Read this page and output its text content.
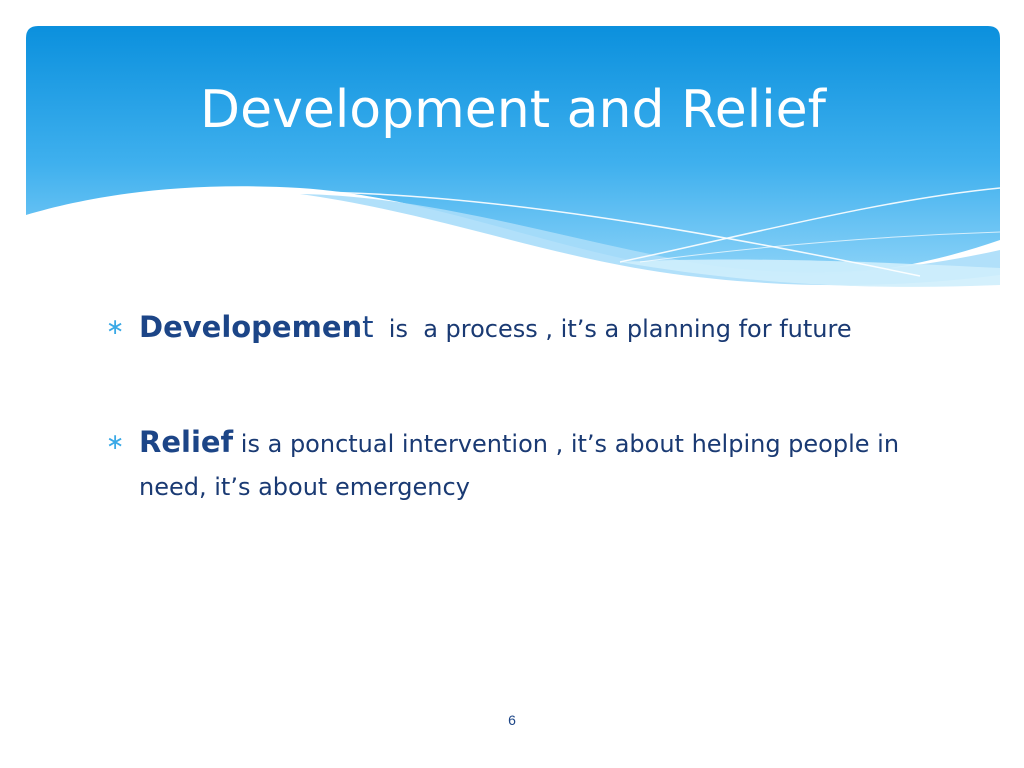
Development and Relief
∗ Developement  is  a process , it’s a planning for future
∗ Relief is a ponctual intervention , it’s about helping people in need, it’s about emergency
6
